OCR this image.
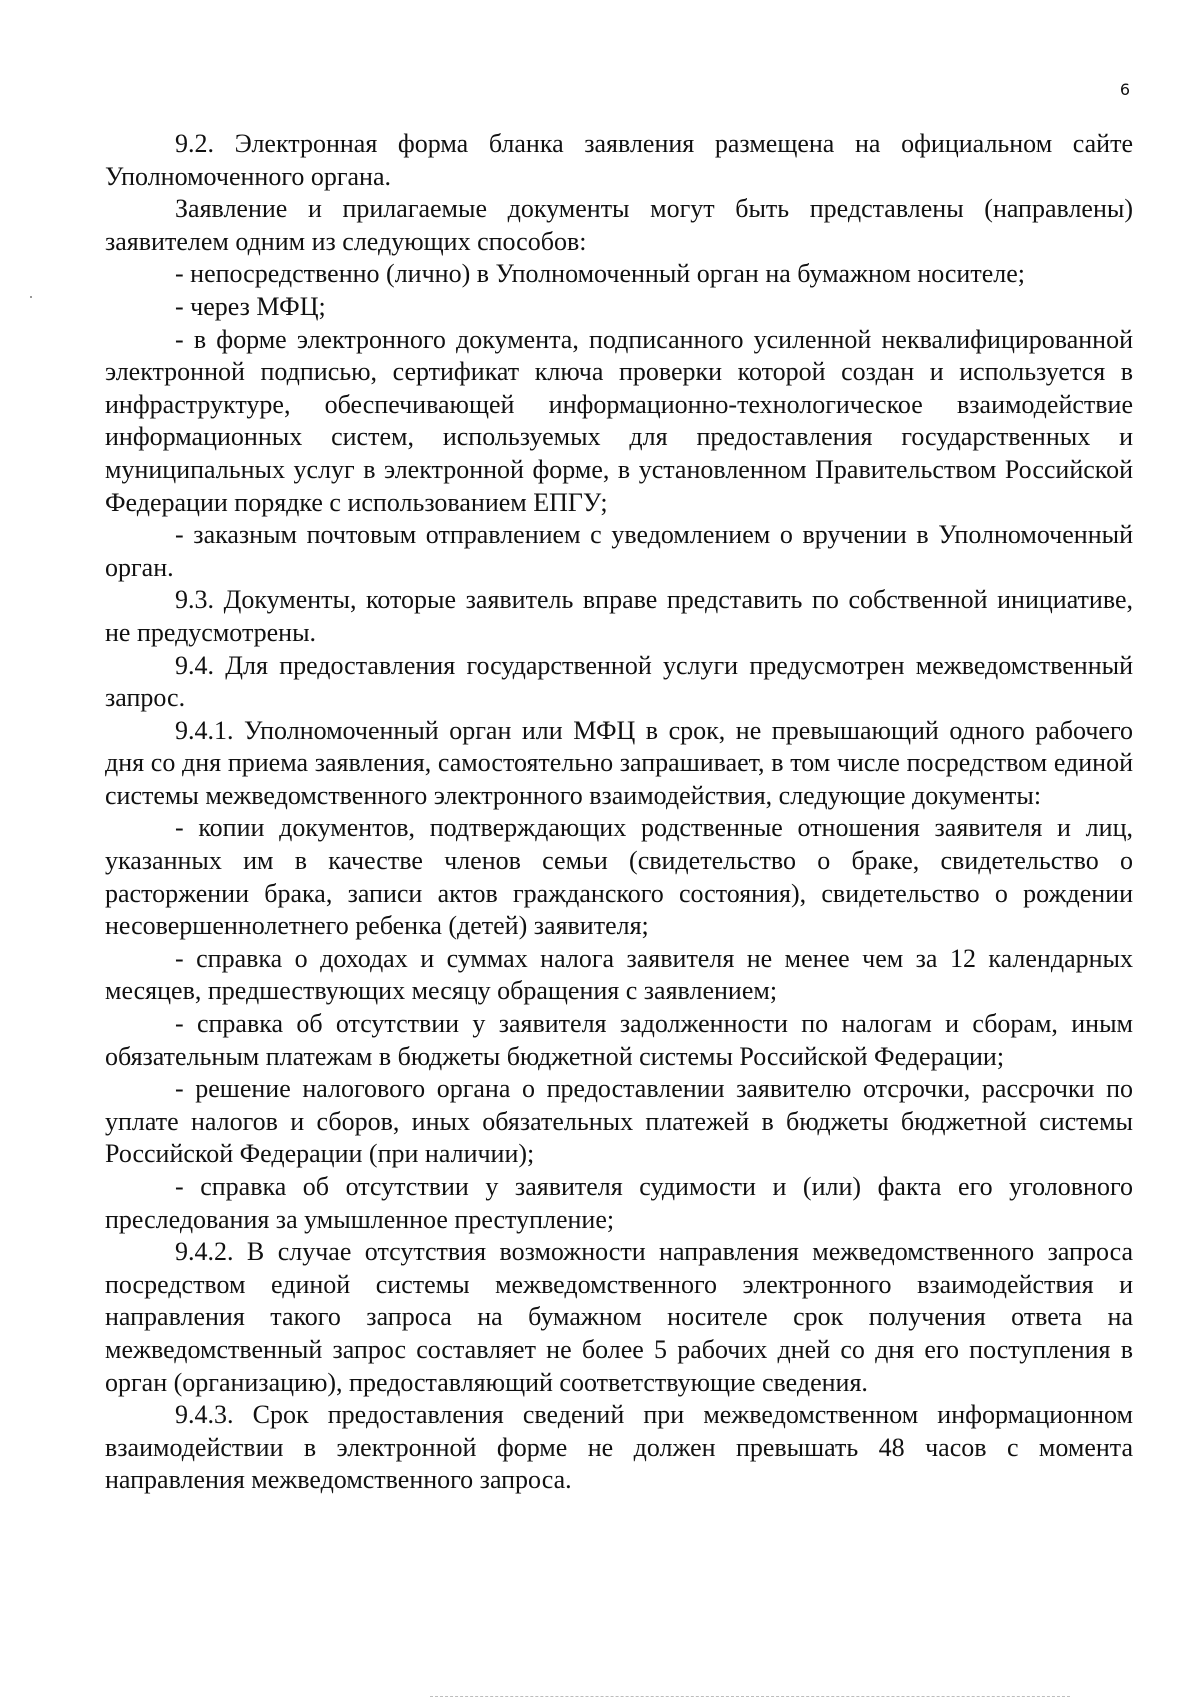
6

9.2. Электронная форма бланка заявления размещена на официальном сайте Уполномоченного органа.

Заявление и прилагаемые документы могут быть представлены (направлены) заявителем одним из следующих способов:

- непосредственно (лично) в Уполномоченный орган на бумажном носителе;

- через МФЦ;

- в форме электронного документа, подписанного усиленной неквалифицированной электронной подписью, сертификат ключа проверки которой создан и используется в инфраструктуре, обеспечивающей информационно-технологическое взаимодействие информационных систем, используемых для предоставления государственных и муниципальных услуг в электронной форме, в установленном Правительством Российской Федерации порядке с использованием ЕПГУ;

- заказным почтовым отправлением с уведомлением о вручении в Уполномоченный орган.

9.3. Документы, которые заявитель вправе представить по собственной инициативе, не предусмотрены.

9.4. Для предоставления государственной услуги предусмотрен межведомственный запрос.

9.4.1. Уполномоченный орган или МФЦ в срок, не превышающий одного рабочего дня со дня приема заявления, самостоятельно запрашивает, в том числе посредством единой системы межведомственного электронного взаимодействия, следующие документы:

- копии документов, подтверждающих родственные отношения заявителя и лиц, указанных им в качестве членов семьи (свидетельство о браке, свидетельство о расторжении брака, записи актов гражданского состояния), свидетельство о рождении несовершеннолетнего ребенка (детей) заявителя;

- справка о доходах и суммах налога заявителя не менее чем за 12 календарных месяцев, предшествующих месяцу обращения с заявлением;

- справка об отсутствии у заявителя задолженности по налогам и сборам, иным обязательным платежам в бюджеты бюджетной системы Российской Федерации;

- решение налогового органа о предоставлении заявителю отсрочки, рассрочки по уплате налогов и сборов, иных обязательных платежей в бюджеты бюджетной системы Российской Федерации (при наличии);

- справка об отсутствии у заявителя судимости и (или) факта его уголовного преследования за умышленное преступление;

9.4.2. В случае отсутствия возможности направления межведомственного запроса посредством единой системы межведомственного электронного взаимодействия и направления такого запроса на бумажном носителе срок получения ответа на межведомственный запрос составляет не более 5 рабочих дней со дня его поступления в орган (организацию), предоставляющий соответствующие сведения.

9.4.3. Срок предоставления сведений при межведомственном информационном взаимодействии в электронной форме не должен превышать 48 часов с момента направления межведомственного запроса.
